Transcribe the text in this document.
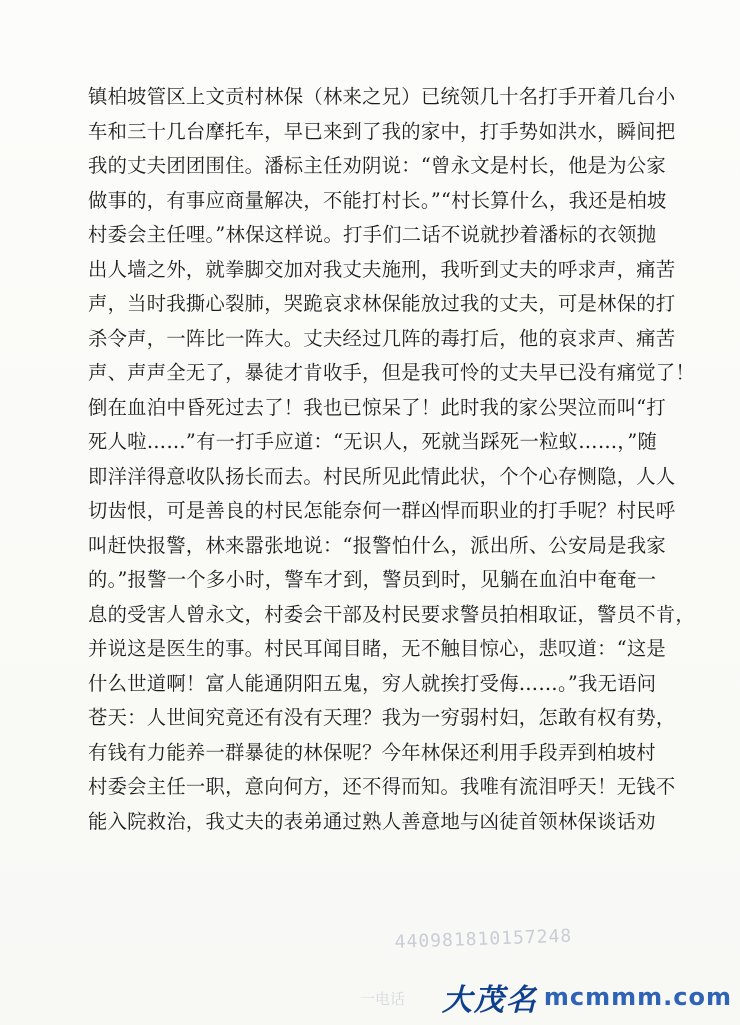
440981810157248
一电话
镇柏坡管区上文贡村林保（林来之兄）已统领几十名打手开着几台小
车和三十几台摩托车，早已来到了我的家中，打手势如洪水，瞬间把
我的丈夫团团围住。潘标主任劝阴说：“曾永文是村长，他是为公家
做事的，有事应商量解决，不能打村长。”“村长算什么，我还是柏坡
村委会主任哩。”林保这样说。打手们二话不说就抄着潘标的衣领抛
出人墙之外，就拳脚交加对我丈夫施刑，我听到丈夫的呼求声，痛苦
声，当时我撕心裂肺，哭跪哀求林保能放过我的丈夫，可是林保的打
杀令声，一阵比一阵大。丈夫经过几阵的毒打后，他的哀求声、痛苦
声、声声全无了，暴徒才肯收手，但是我可怜的丈夫早已没有痛觉了！
倒在血泊中昏死过去了！我也已惊呆了！此时我的家公哭泣而叫“打
死人啦……”有一打手应道：“无识人，死就当踩死一粒蚁……，”随
即洋洋得意收队扬长而去。村民所见此情此状，个个心存恻隐，人人
切齿恨，可是善良的村民怎能奈何一群凶悍而职业的打手呢？村民呼
叫赶快报警，林来嚣张地说：“报警怕什么，派出所、公安局是我家
的。”报警一个多小时，警车才到，警员到时，见躺在血泊中奄奄一
息的受害人曾永文，村委会干部及村民要求警员拍相取证，警员不肯，
并说这是医生的事。村民耳闻目睹，无不触目惊心，悲叹道：“这是
什么世道啊！富人能通阴阳五鬼，穷人就挨打受侮……。”我无语问
苍天：人世间究竟还有没有天理？我为一穷弱村妇，怎敢有权有势，
有钱有力能养一群暴徒的林保呢？今年林保还利用手段弄到柏坡村
村委会主任一职，意向何方，还不得而知。我唯有流泪呼天！无钱不
能入院救治，我丈夫的表弟通过熟人善意地与凶徒首领林保谈话劝
大茂名 mcmmm.com
